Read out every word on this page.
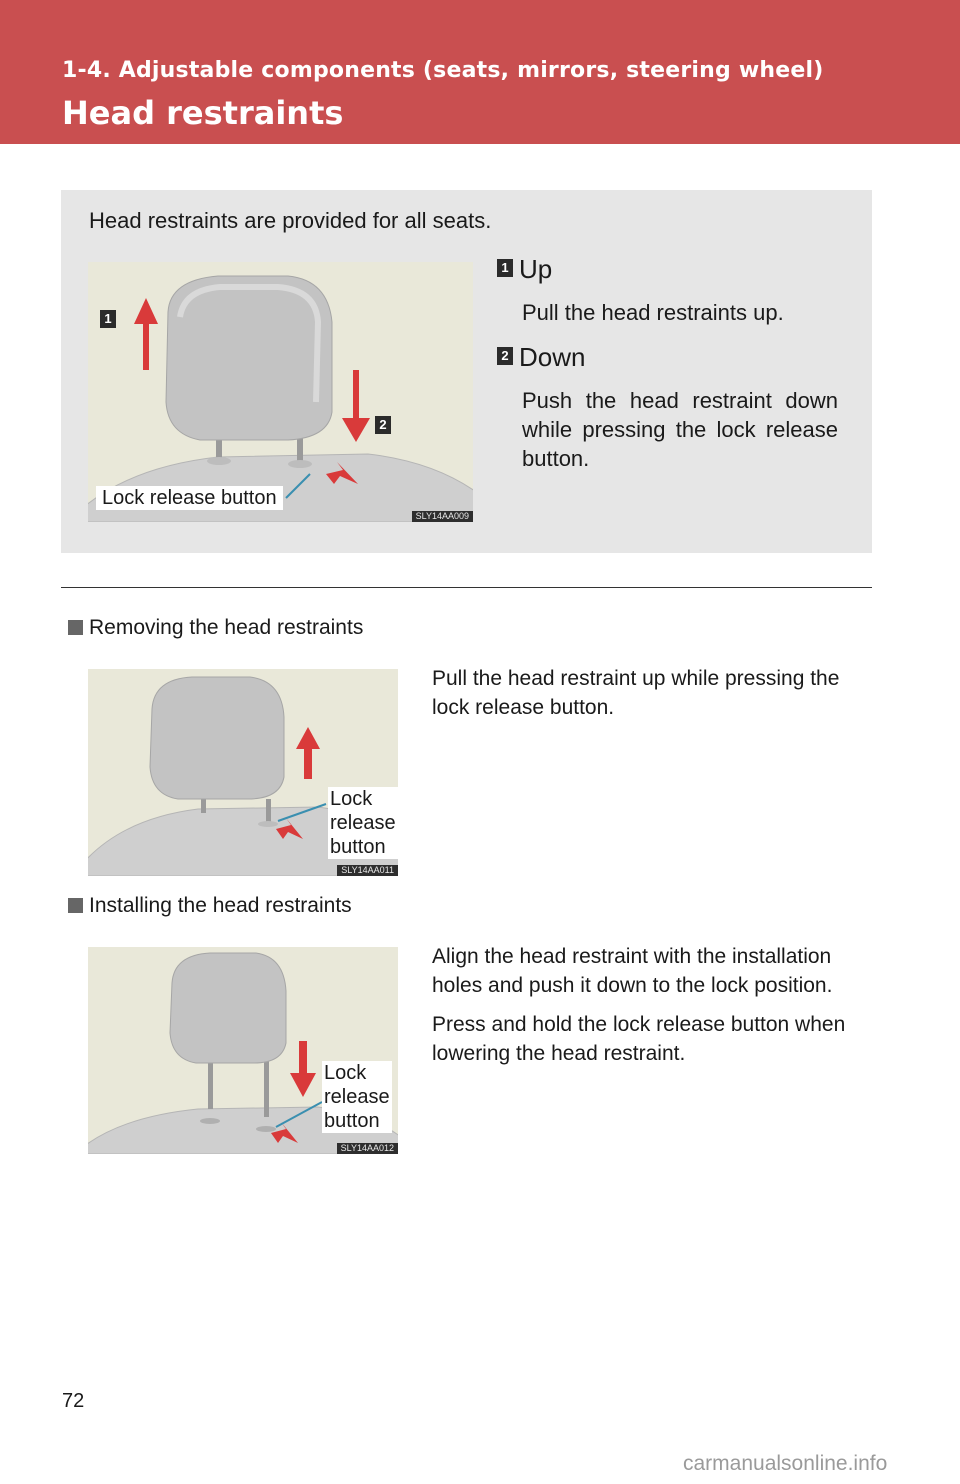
1-4. Adjustable components (seats, mirrors, steering wheel)
Head restraints
Head restraints are provided for all seats.
1
2
Lock release button
SLY14AA009
1 Up
Pull the head restraints up.
2 Down
Push the head restraint down while pressing the lock release button.
Removing the head restraints
Lock
release
button
SLY14AA011

Pull the head restraint up while pressing the lock release button.

Installing the head restraints
Lock
release
button
SLY14AA012

Align the head restraint with the installation holes and push it down to the lock position.

Press and hold the lock release button when lowering the head restraint.

72
carmanualsonline.info
